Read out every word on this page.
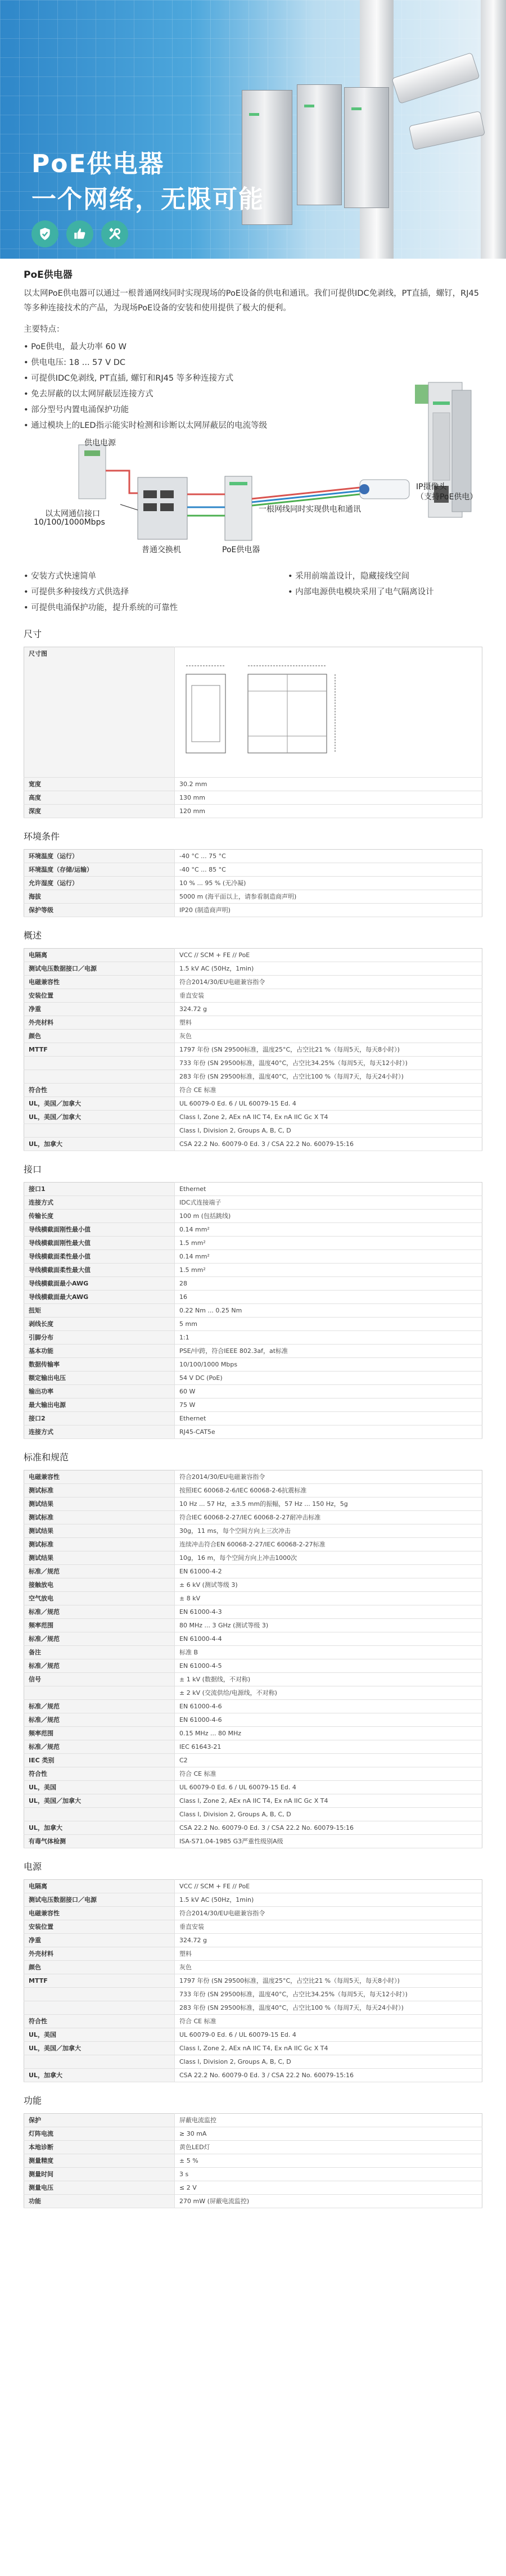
PoE供电器
一个网络，无限可能
PoE供电器

以太网PoE供电器可以通过一根普通网线同时实现现场的PoE设备的供电和通讯。我们可提供IDC免剥线，PT直插，螺钉，RJ45等多种连接技术的产品，为现场PoE设备的安装和使用提供了极大的便利。

主要特点：

• PoE供电，最大功率 60 W
• 供电电压: 18 ... 57 V DC
• 可提供IDC免剥线, PT直插, 螺钉和RJ45 等多种连接方式
• 免去屏蔽的以太网屏蔽层连接方式
• 部分型号内置电涌保护功能
• 通过模块上的LED指示能实时检测和诊断以太网屏蔽层的电流等级
供电电源
以太网通信接口
10/100/1000Mbps
普通交换机	PoE供电器
一根网线同时实现供电和通讯
IP摄像头
（支持PoE供电）
• 安装方式快速简单	• 采用前端盖设计，隐藏接线空间
• 可提供多种接线方式供选择	• 内部电源供电模块采用了电气隔离设计
• 可提供电涌保护功能，提升系统的可靠性
尺寸
尺寸图	

宽度	30.2 mm
高度	130 mm
深度	120 mm
环境条件
环境温度（运行）	-40 °C ... 75 °C
环境温度（存储/运输）	-40 °C ... 85 °C
允许湿度（运行）	10 % ... 95 % (无冷凝)
海拔	5000 m (海平面以上，请参看制造商声明)
保护等级	IP20 (制造商声明)
概述
电隔离	VCC // SCM + FE // PoE
测试电压数据接口／电源	1.5 kV AC (50Hz，1min)
电磁兼容性	符合2014/30/EU电磁兼容指令
安装位置	垂直安装
净重	324.72 g
外壳材料	塑料
颜色	灰色
MTTF	1797 年份 (SN 29500标准，温度25°C，占空比21 %（每周5天，每天8小时）)
	733 年份 (SN 29500标准，温度40°C，占空比34.25%（每周5天，每天12小时）)
	283 年份 (SN 29500标准，温度40°C，占空比100 %（每周7天，每天24小时）)
符合性	符合 CE 标准
UL，美国／加拿大	UL 60079-0 Ed. 6 / UL 60079-15 Ed. 4
UL，美国／加拿大	Class I, Zone 2, AEx nA IIC T4, Ex nA IIC Gc X T4
	Class I, Division 2, Groups A, B, C, D
UL，加拿大	CSA 22.2 No. 60079-0 Ed. 3 / CSA 22.2 No. 60079-15:16
接口
接口1	Ethernet
连接方式	IDC式连接端子
传输长度	100 m (包括跳线)
导线横截面刚性最小值	0.14 mm²
导线横截面刚性最大值	1.5 mm²
导线横截面柔性最小值	0.14 mm²
导线横截面柔性最大值	1.5 mm²
导线横截面最小AWG	28
导线横截面最大AWG	16
扭矩	0.22 Nm ... 0.25 Nm
剥线长度	5 mm
引脚分布	1:1
基本功能	PSE/中跨，符合IEEE 802.3af，at标准
数据传输率	10/100/1000 Mbps
额定输出电压	54 V DC (PoE)
输出功率	60 W
最大输出电源	75 W
接口2	Ethernet
连接方式	RJ45-CAT5e
标准和规范
电磁兼容性	符合2014/30/EU电磁兼容指令
测试标准	按照IEC 60068-2-6/IEC 60068-2-6抗震标准
测试结果	10 Hz ... 57 Hz，±3.5 mm的振幅，57 Hz ... 150 Hz，5g
测试标准	符合IEC 60068-2-27/IEC 60068-2-27耐冲击标准
测试结果	30g，11 ms，每个空间方向上三次冲击
测试标准	连续冲击符合EN 60068-2-27/IEC 60068-2-27标准
测试结果	10g，16 m，每个空间方向上冲击1000次
标准／规范	EN 61000-4-2
接触放电	± 6 kV (测试等级 3)
空气放电	± 8 kV
标准／规范	EN 61000-4-3
频率范围	80 MHz ... 3 GHz (测试等级 3)
标准／规范	EN 61000-4-4
备注	标准 B
标准／规范	EN 61000-4-5
信号	± 1 kV (数据线，不对称)
	± 2 kV (交流供给/电源线，不对称)
标准／规范	EN 61000-4-6
标准／规范	EN 61000-4-6
频率范围	0.15 MHz ... 80 MHz
标准／规范	IEC 61643-21
IEC 类别	C2
符合性	符合 CE 标准
UL，美国	UL 60079-0 Ed. 6 / UL 60079-15 Ed. 4
UL，美国／加拿大	Class I, Zone 2, AEx nA IIC T4, Ex nA IIC Gc X T4
	Class I, Division 2, Groups A, B, C, D
UL，加拿大	CSA 22.2 No. 60079-0 Ed. 3 / CSA 22.2 No. 60079-15:16
有毒气体检测	ISA-S71.04-1985 G3严重性级别A级
电源
电隔离	VCC // SCM + FE // PoE
测试电压数据接口／电源	1.5 kV AC (50Hz，1min)
电磁兼容性	符合2014/30/EU电磁兼容指令
安装位置	垂直安装
净重	324.72 g
外壳材料	塑料
颜色	灰色
MTTF	1797 年份 (SN 29500标准，温度25°C，占空比21 %（每周5天，每天8小时）)
	733 年份 (SN 29500标准，温度40°C，占空比34.25%（每周5天，每天12小时）)
	283 年份 (SN 29500标准，温度40°C，占空比100 %（每周7天，每天24小时）)
符合性	符合 CE 标准
UL，美国	UL 60079-0 Ed. 6 / UL 60079-15 Ed. 4
UL，美国／加拿大	Class I, Zone 2, AEx nA IIC T4, Ex nA IIC Gc X T4
	Class I, Division 2, Groups A, B, C, D
UL，加拿大	CSA 22.2 No. 60079-0 Ed. 3 / CSA 22.2 No. 60079-15:16
功能
保护	屏蔽电流监控
灯阵电流	≥ 30 mA
本地诊断	黄色LED灯
测量精度	± 5 %
测量时间	3 s
测量电压	≤ 2 V
功能	270 mW (屏蔽电流监控)
